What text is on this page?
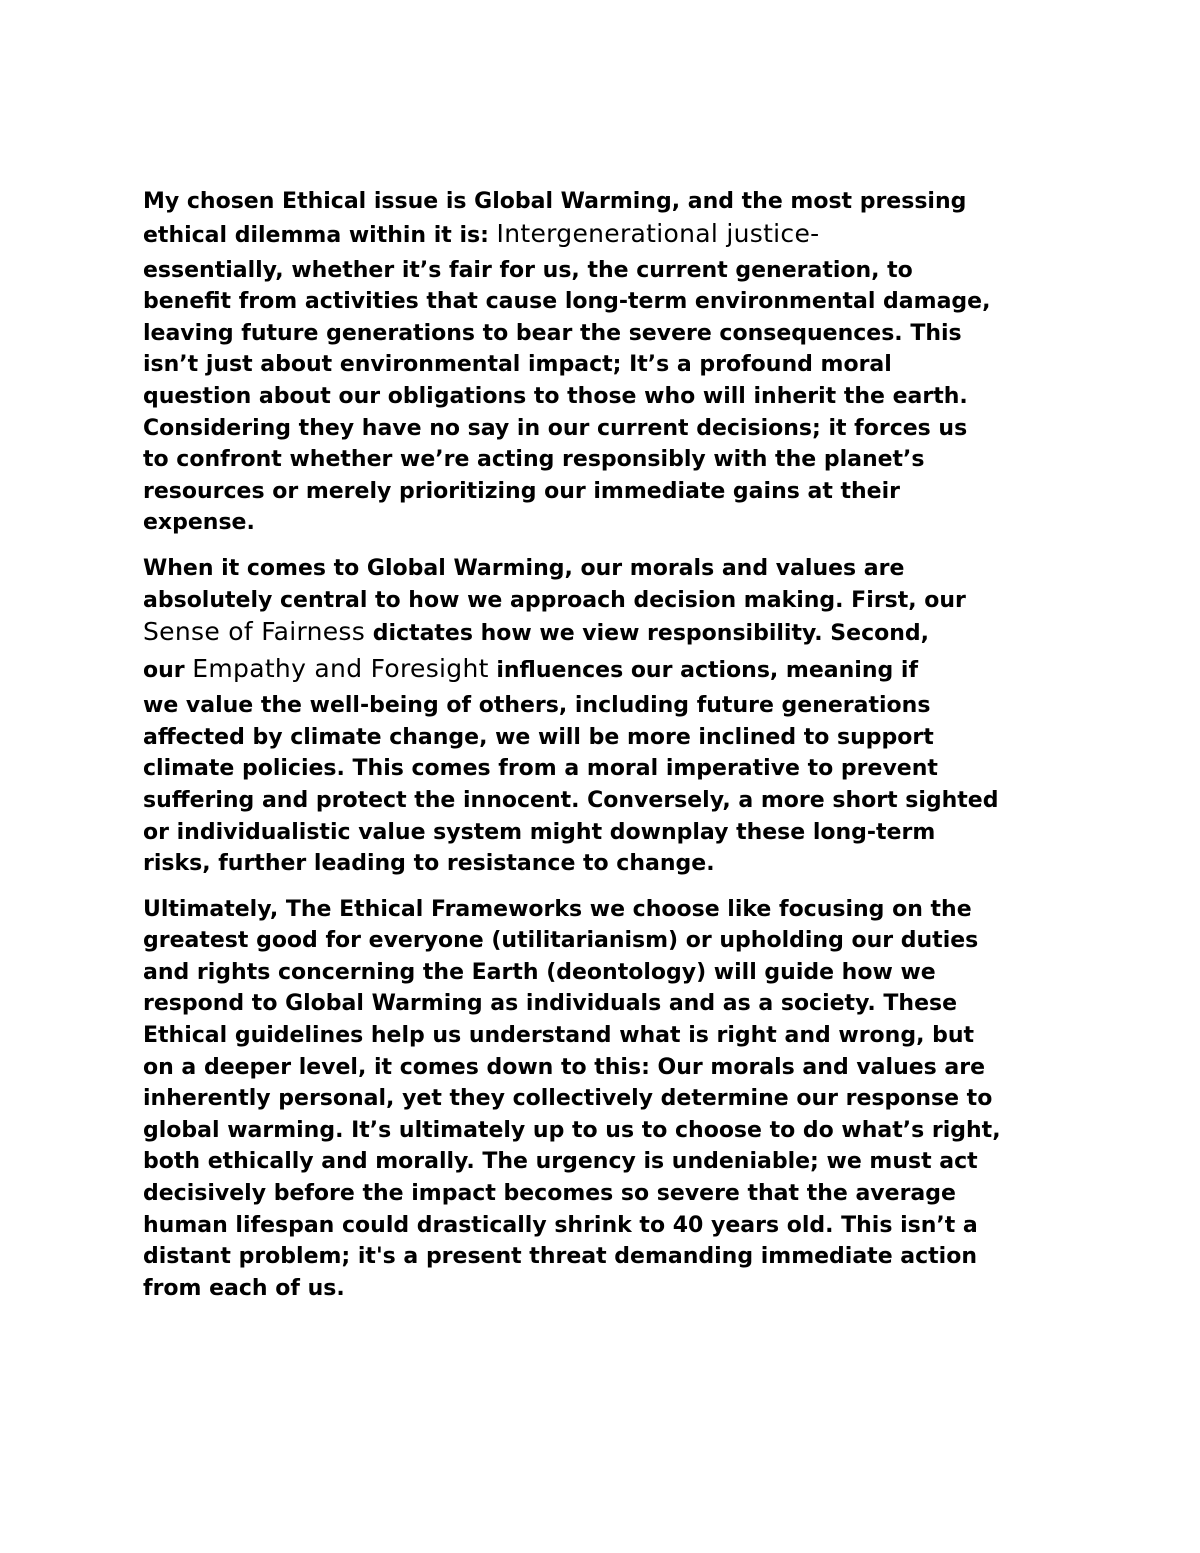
My chosen Ethical issue is Global Warming, and the most pressing
ethical dilemma within it is: Intergenerational justice-
essentially, whether it’s fair for us, the current generation, to
benefit from activities that cause long-term environmental damage,
leaving future generations to bear the severe consequences. This
isn’t just about environmental impact; It’s a profound moral
question about our obligations to those who will inherit the earth.
Considering they have no say in our current decisions; it forces us
to confront whether we’re acting responsibly with the planet’s
resources or merely prioritizing our immediate gains at their
expense.

When it comes to Global Warming, our morals and values are
absolutely central to how we approach decision making. First, our
Sense of Fairness dictates how we view responsibility. Second,
our Empathy and Foresight influences our actions, meaning if
we value the well-being of others, including future generations
affected by climate change, we will be more inclined to support
climate policies. This comes from a moral imperative to prevent
suffering and protect the innocent. Conversely, a more short sighted
or individualistic value system might downplay these long-term
risks, further leading to resistance to change.

Ultimately, The Ethical Frameworks we choose like focusing on the
greatest good for everyone (utilitarianism) or upholding our duties
and rights concerning the Earth (deontology) will guide how we
respond to Global Warming as individuals and as a society. These
Ethical guidelines help us understand what is right and wrong, but
on a deeper level, it comes down to this: Our morals and values are
inherently personal, yet they collectively determine our response to
global warming. It’s ultimately up to us to choose to do what’s right,
both ethically and morally. The urgency is undeniable; we must act
decisively before the impact becomes so severe that the average
human lifespan could drastically shrink to 40 years old. This isn’t a
distant problem; it's a present threat demanding immediate action
from each of us.
